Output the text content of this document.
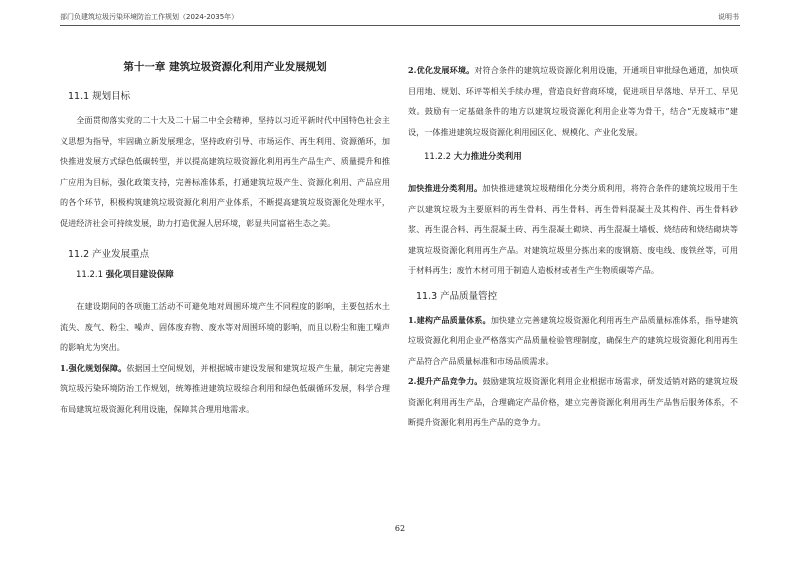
部门负建筑垃圾污染环境防治工作规划（2024-2035年）	说明书
第十一章 建筑垃圾资源化利用产业发展规划
11.1 规划目标

全面贯彻落实党的二十大及二十届二中全会精神，坚持以习近平新时代中国特色社会主义思想为指导，牢固确立新发展理念，坚持政府引导、市场运作、再生利用、资源循环，加快推进发展方式绿色低碳转型，并以提高建筑垃圾资源化利用再生产品生产、质量提升和推广应用为目标，强化政策支持，完善标准体系，打通建筑垃圾产生、资源化利用、产品应用的各个环节，积极构筑建筑垃圾资源化利用产业体系，不断提高建筑垃圾资源化处理水平，促进经济社会可持续发展，助力打造优渥人居环境，彰显共同富裕生态之美。

11.2 产业发展重点
11.2.1 强化项目建设保障

在建设期间的各项施工活动不可避免地对周围环境产生不同程度的影响，主要包括水土流失、废气、粉尘、噪声、固体废弃物、废水等对周围环境的影响，而且以粉尘和施工噪声的影响尤为突出。

1.强化规划保障。依据国土空间规划，并根据城市建设发展和建筑垃圾产生量，制定完善建筑垃圾污染环境防治工作规划，统筹推进建筑垃圾综合利用和绿色低碳循环发展，科学合理布局建筑垃圾资源化利用设施，保障其合理用地需求。

2.优化发展环境。对符合条件的建筑垃圾资源化利用设施，开通项目审批绿色通道，加快项目用地、规划、环评等相关手续办理，营造良好营商环境，促进项目早落地、早开工、早见效。鼓励有一定基础条件的地方以建筑垃圾资源化利用企业等为骨干，结合“无废城市”建设，一体推进建筑垃圾资源化利用园区化、规模化、产业化发展。

11.2.2 大力推进分类利用

加快推进分类利用。加快推进建筑垃圾精细化分类分质利用，将符合条件的建筑垃圾用于生产以建筑垃圾为主要原料的再生骨料、再生骨料、再生骨料混凝土及其构件、再生骨料砂浆、再生混合料、再生混凝土砖、再生混凝土砌块、再生混凝土墙板、烧结砖和烧结砌块等建筑垃圾资源化利用再生产品。对建筑垃圾里分拣出来的废钢筋、废电线、废铁丝等，可用于材料再生；废竹木材可用于制造人造板材或者生产生物质碳等产品。

11.3 产品质量管控

1.建构产品质量体系。加快建立完善建筑垃圾资源化利用再生产品质量标准体系，指导建筑垃圾资源化利用企业严格落实产品质量检验管理制度，确保生产的建筑垃圾资源化利用再生产品符合产品质量标准和市场品质需求。

2.提升产品竞争力。鼓励建筑垃圾资源化利用企业根据市场需求，研发适销对路的建筑垃圾资源化利用再生产品，合理确定产品价格，建立完善资源化利用再生产品售后服务体系，不断提升资源化利用再生产品的竞争力。

62
